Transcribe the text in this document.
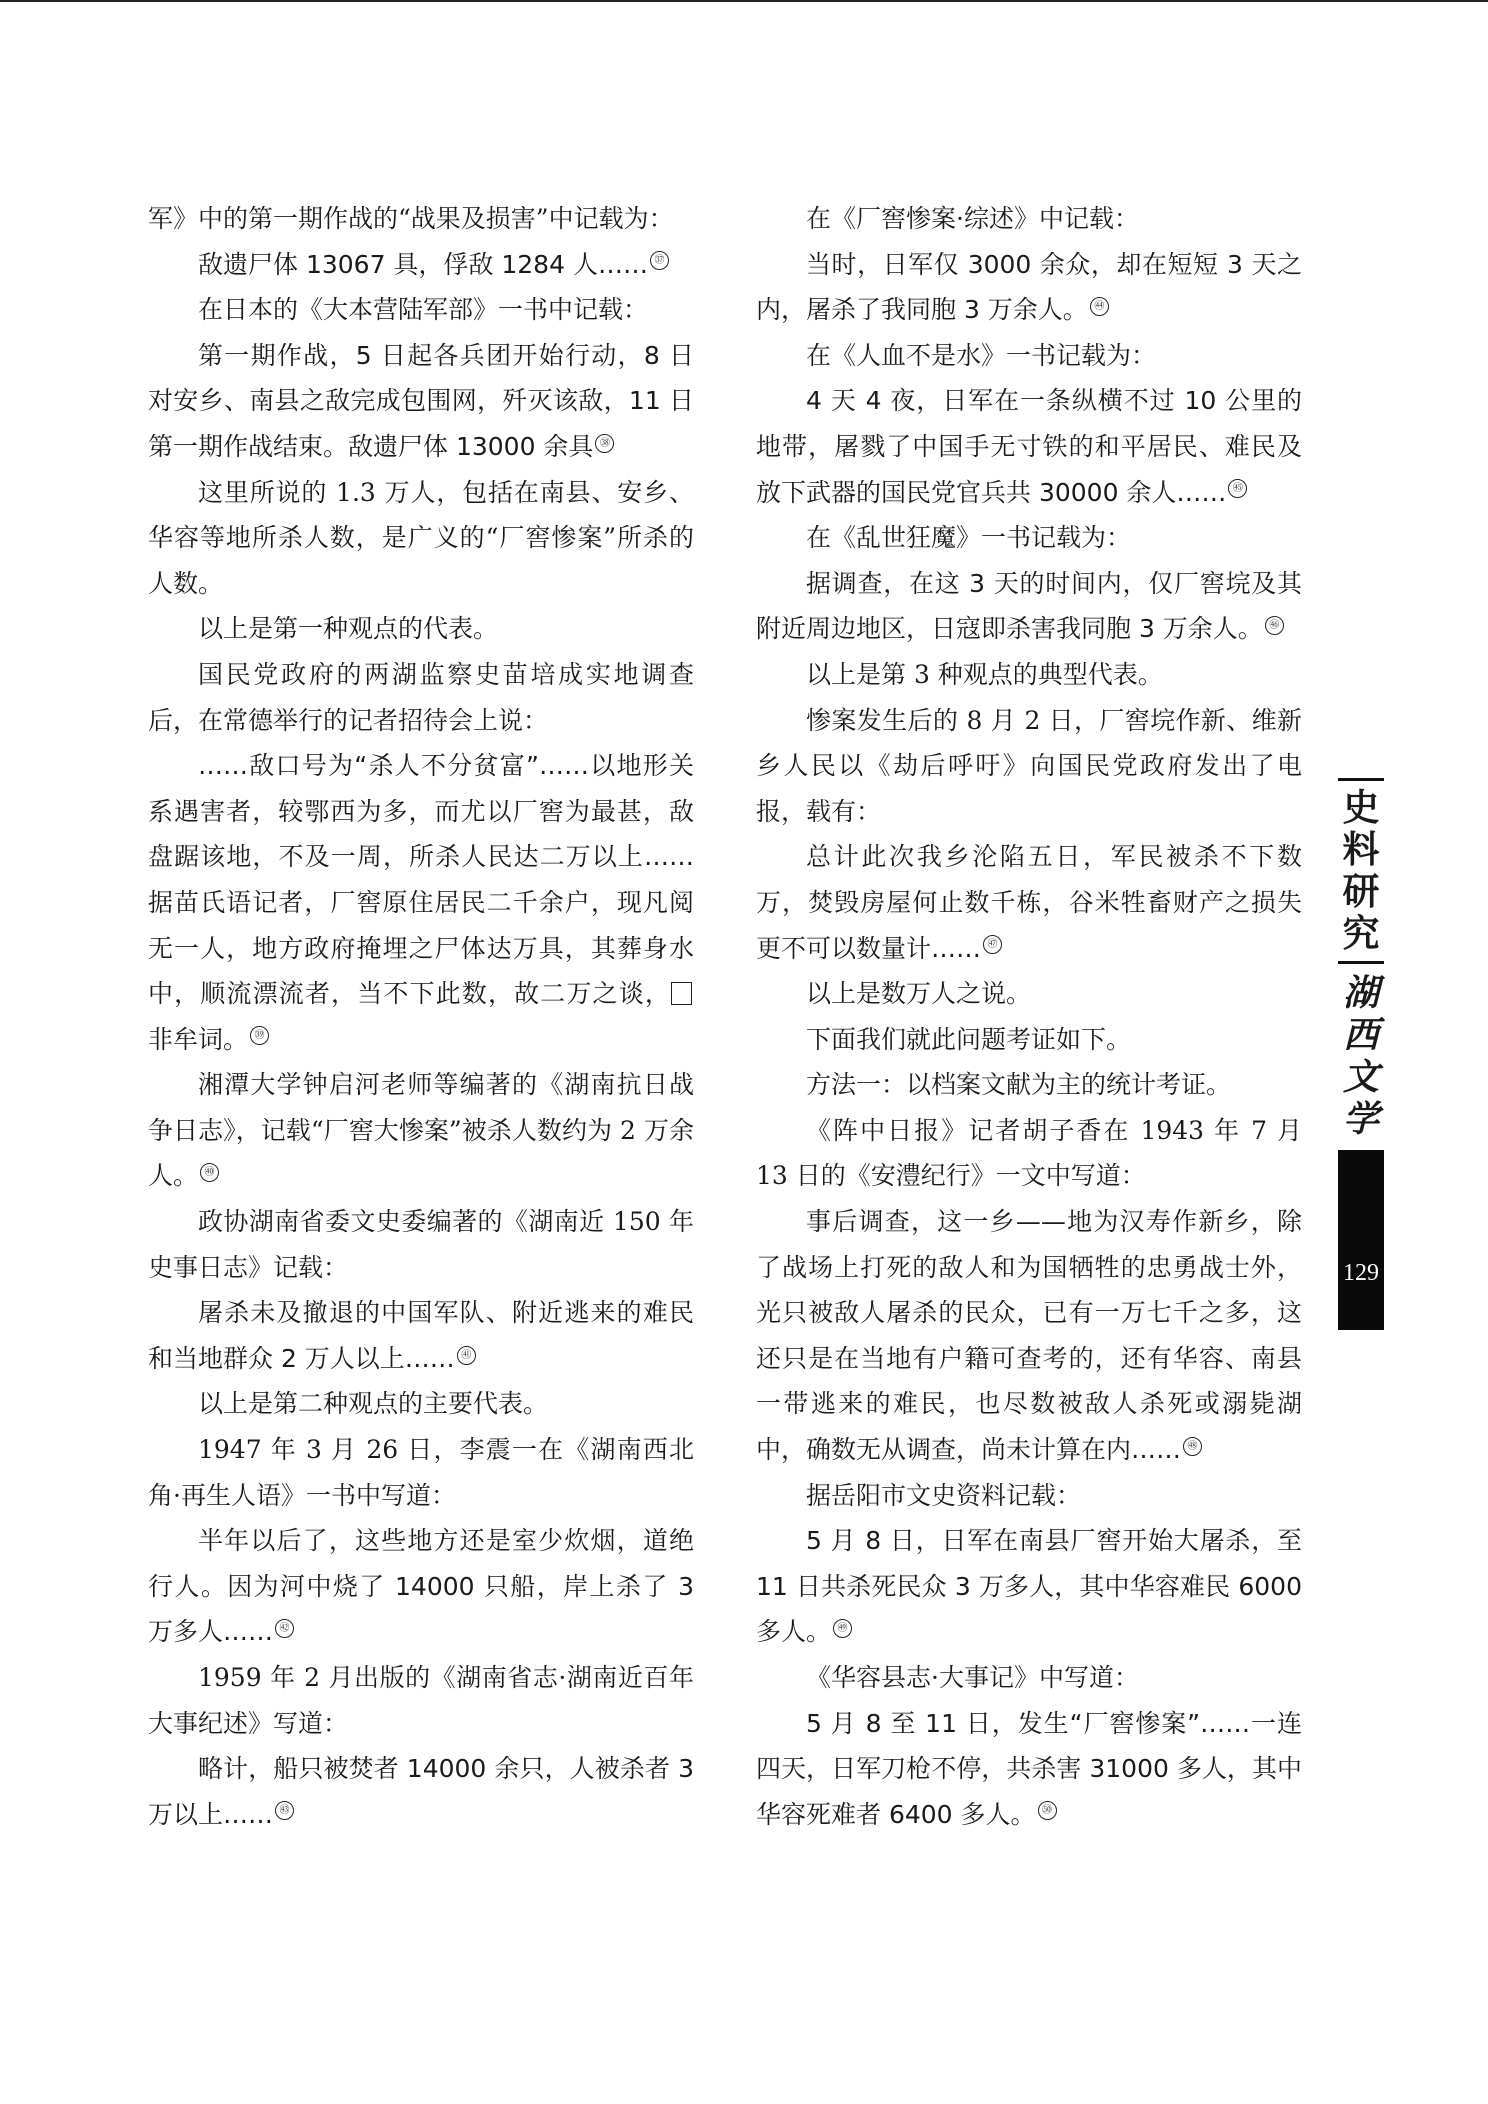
军》中的第一期作战的“战果及损害”中记载为：

敌遗尸体 13067 具，俘敌 1284 人…… ㊲

在日本的《大本营陆军部》一书中记载：

第一期作战，5 日起各兵团开始行动，8 日对安乡、南县之敌完成包围网，歼灭该敌，11 日第一期作战结束。敌遗尸体 13000 余具 ㊳

这里所说的 1.3 万人，包括在南县、安乡、华容等地所杀人数，是广义的“厂窖惨案”所杀的人数。

以上是第一种观点的代表。

国民党政府的两湖监察史苗培成实地调查后，在常德举行的记者招待会上说：

……敌口号为“杀人不分贫富”……以地形关系遇害者，较鄂西为多，而尤以厂窖为最甚，敌盘踞该地，不及一周，所杀人民达二万以上……据苗氏语记者，厂窖原住居民二千余户，现凡阅无一人，地方政府掩埋之尸体达万具，其葬身水中，顺流漂流者，当不下此数，故二万之谈，非牟词。 ㊴

湘潭大学钟启河老师等编著的《湖南抗日战争日志》，记载“厂窖大惨案”被杀人数约为 2 万余人。 ㊵

政协湖南省委文史委编著的《湖南近 150 年史事日志》记载：

屠杀未及撤退的中国军队、附近逃来的难民和当地群众 2 万人以上…… ㊶

以上是第二种观点的主要代表。

1947 年 3 月 26 日，李震一在《湖南西北角·再生人语》一书中写道：

半年以后了，这些地方还是室少炊烟，道绝行人。因为河中烧了 14000 只船，岸上杀了 3 万多人…… ㊷

1959 年 2 月出版的《湖南省志·湖南近百年大事纪述》写道：

略计，船只被焚者 14000 余只，人被杀者 3 万以上…… ㊸

在《厂窖惨案·综述》中记载：

当时，日军仅 3000 余众，却在短短 3 天之内，屠杀了我同胞 3 万余人。 ㊹

在《人血不是水》一书记载为：

4 天 4 夜，日军在一条纵横不过 10 公里的地带，屠戮了中国手无寸铁的和平居民、难民及放下武器的国民党官兵共 30000 余人…… ㊺

在《乱世狂魔》一书记载为：

据调查，在这 3 天的时间内，仅厂窖垸及其附近周边地区，日寇即杀害我同胞 3 万余人。 ㊻

以上是第 3 种观点的典型代表。

惨案发生后的 8 月 2 日，厂窖垸作新、维新乡人民以《劫后呼吁》向国民党政府发出了电报，载有：

总计此次我乡沦陷五日，军民被杀不下数万，焚毁房屋何止数千栋，谷米牲畜财产之损失更不可以数量计…… ㊼

以上是数万人之说。

下面我们就此问题考证如下。

方法一：以档案文献为主的统计考证。

《阵中日报》记者胡子香在 1943 年 7 月 13 日的《安澧纪行》一文中写道：

事后调查，这一乡——地为汉寿作新乡，除了战场上打死的敌人和为国牺牲的忠勇战士外，光只被敌人屠杀的民众，已有一万七千之多，这还只是在当地有户籍可查考的，还有华容、南县一带逃来的难民，也尽数被敌人杀死或溺毙湖中，确数无从调查，尚未计算在内…… ㊽

据岳阳市文史资料记载：

5 月 8 日，日军在南县厂窖开始大屠杀，至 11 日共杀死民众 3 万多人，其中华容难民 6000 多人。 ㊾

《华容县志·大事记》中写道：

5 月 8 至 11 日，发生“厂窖惨案”……一连四天，日军刀枪不停，共杀害 31000 多人，其中华容死难者 6400 多人。 ㊿

史
料
研
究
湖
西
文
学
129
